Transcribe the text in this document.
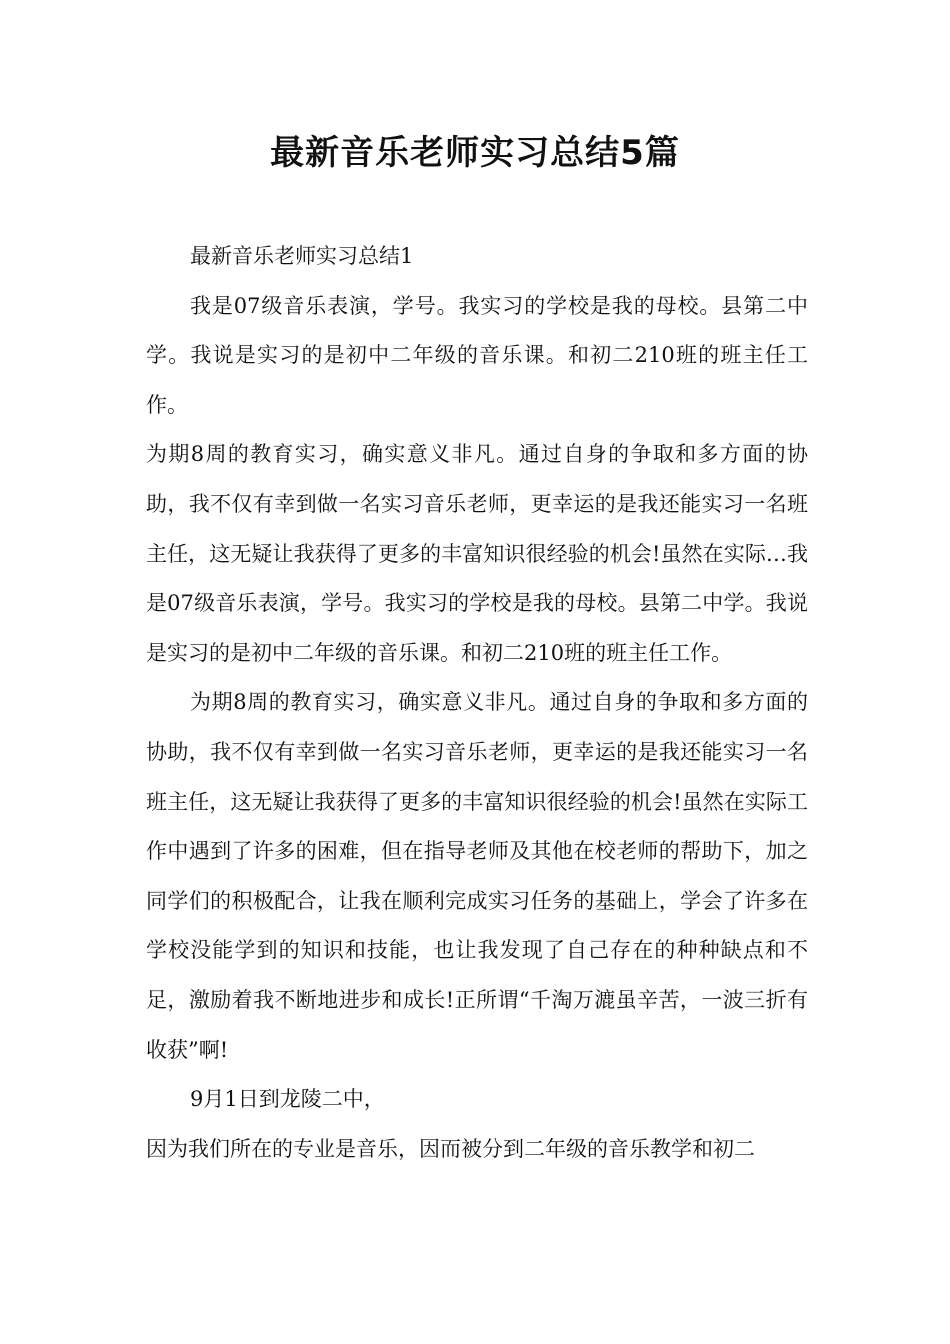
最新音乐老师实习总结5篇

最新音乐老师实习总结1

我是07级音乐表演，学号。我实习的学校是我的母校。县第二中学。我说是实习的是初中二年级的音乐课。和初二210班的班主任工作。

为期8周的教育实习，确实意义非凡。通过自身的争取和多方面的协助，我不仅有幸到做一名实习音乐老师，更幸运的是我还能实习一名班主任，这无疑让我获得了更多的丰富知识很经验的机会!虽然在实际…我是07级音乐表演，学号。我实习的学校是我的母校。县第二中学。我说是实习的是初中二年级的音乐课。和初二210班的班主任工作。

为期8周的教育实习，确实意义非凡。通过自身的争取和多方面的协助，我不仅有幸到做一名实习音乐老师，更幸运的是我还能实习一名班主任，这无疑让我获得了更多的丰富知识很经验的机会!虽然在实际工作中遇到了许多的困难，但在指导老师及其他在校老师的帮助下，加之同学们的积极配合，让我在顺利完成实习任务的基础上，学会了许多在学校没能学到的知识和技能，也让我发现了自己存在的种种缺点和不足，激励着我不断地进步和成长!正所谓“千淘万漉虽辛苦，一波三折有收获”啊!

9月1日到龙陵二中，

因为我们所在的专业是音乐，因而被分到二年级的音乐教学和初二
